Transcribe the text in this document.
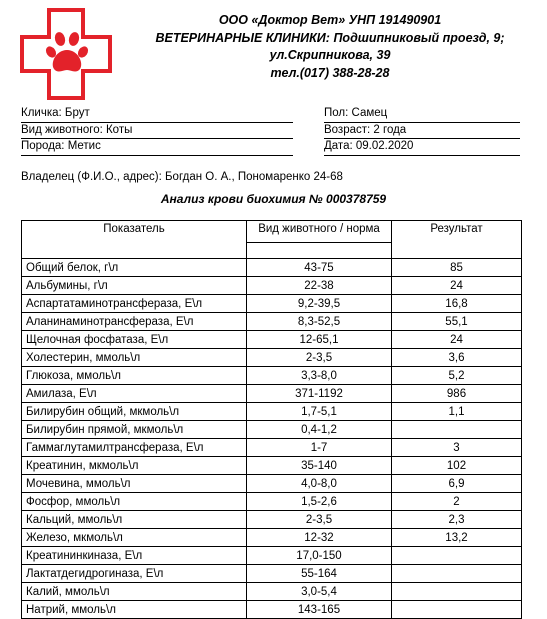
ООО «Доктор Вет» УНП 191490901
ВЕТЕРИНАРНЫЕ КЛИНИКИ: Подшипниковый проезд, 9;
ул.Скрипникова, 39
тел.(017) 388-28-28
Кличка: Брут
Вид животного: Коты
Порода: Метис
Пол: Самец
Возраст: 2 года
Дата: 09.02.2020
Владелец (Ф.И.О., адрес): Богдан О. А., Пономаренко 24-68
Анализ крови биохимия № 000378759
Показатель	Вид животного / норма	Результат

Общий белок, г\л	43-75	85
Альбумины, г\л	22-38	24
Аспартатаминотрансфераза, Е\л	9,2-39,5	16,8
Аланинаминотрансфераза, Е\л	8,3-52,5	55,1
Щелочная фосфатаза, Е\л	12-65,1	24
Холестерин, ммоль\л	2-3,5	3,6
Глюкоза, ммоль\л	3,3-8,0	5,2
Амилаза, Е\л	371-1192	986
Билирубин общий, мкмоль\л	1,7-5,1	1,1
Билирубин прямой, мкмоль\л	0,4-1,2	
Гаммаглутамилтрансфераза, Е\л	1-7	3
Креатинин, мкмоль\л	35-140	102
Мочевина, ммоль\л	4,0-8,0	6,9
Фосфор, ммоль\л	1,5-2,6	2
Кальций, ммоль\л	2-3,5	2,3
Железо, мкмоль\л	12-32	13,2
Креатининкиназа, Е\л	17,0-150	
Лактатдегидрогиназа, Е\л	55-164	
Калий, ммоль\л	3,0-5,4	
Натрий, ммоль\л	143-165	
